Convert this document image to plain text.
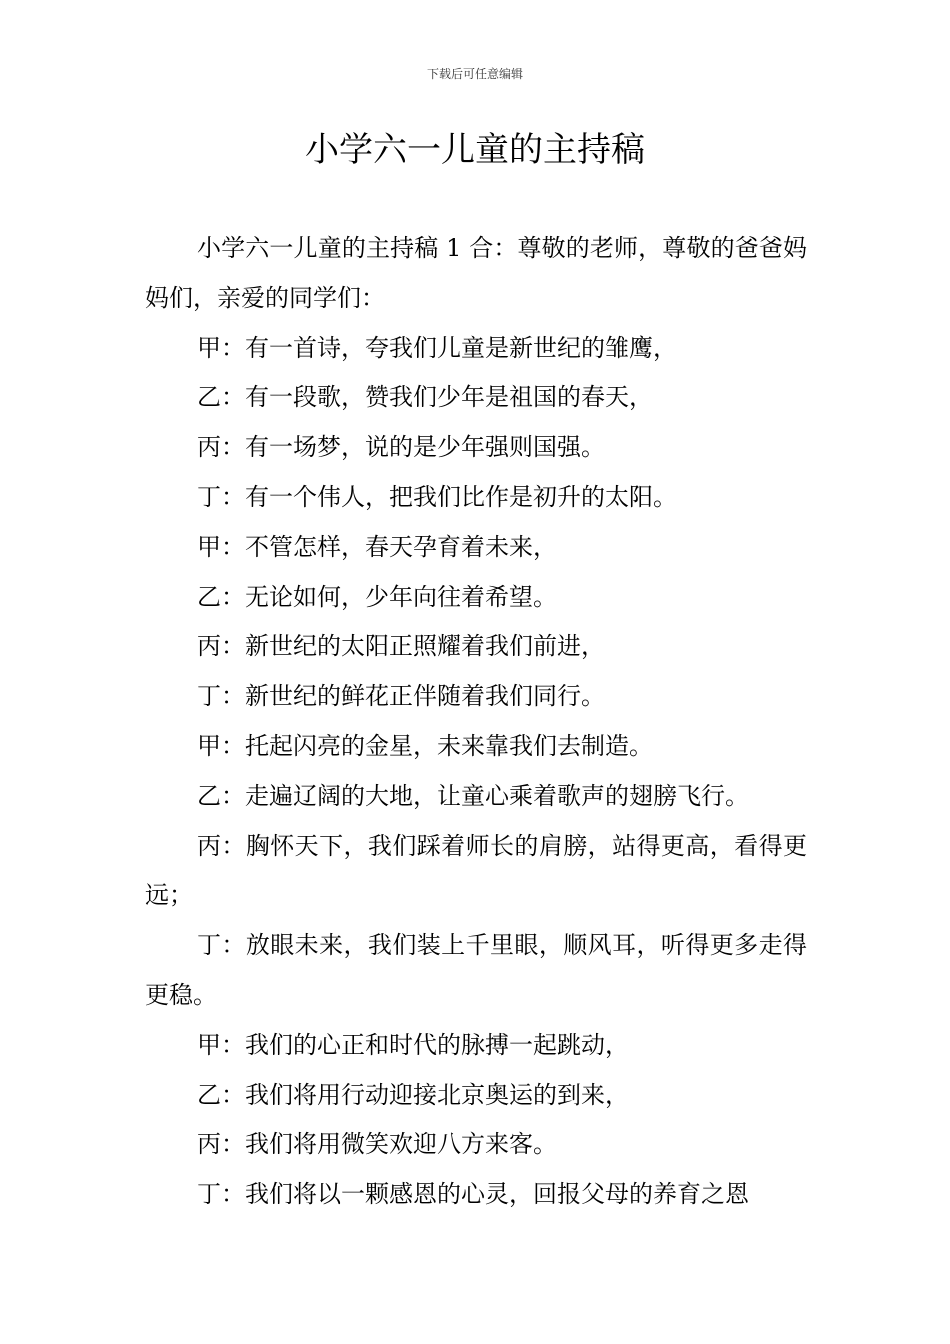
下载后可任意编辑
小学六一儿童的主持稿

小学六一儿童的主持稿 1 合：尊敬的老师，尊敬的爸爸妈妈们，亲爱的同学们：

甲：有一首诗，夸我们儿童是新世纪的雏鹰，

乙：有一段歌，赞我们少年是祖国的春天，

丙：有一场梦，说的是少年强则国强。

丁：有一个伟人，把我们比作是初升的太阳。

甲：不管怎样，春天孕育着未来，

乙：无论如何，少年向往着希望。

丙：新世纪的太阳正照耀着我们前进，

丁：新世纪的鲜花正伴随着我们同行。

甲：托起闪亮的金星，未来靠我们去制造。

乙：走遍辽阔的大地，让童心乘着歌声的翅膀飞行。

丙：胸怀天下，我们踩着师长的肩膀，站得更高，看得更远；

丁：放眼未来，我们装上千里眼，顺风耳，听得更多走得更稳。

甲：我们的心正和时代的脉搏一起跳动，

乙：我们将用行动迎接北京奥运的到来，

丙：我们将用微笑欢迎八方来客。

丁：我们将以一颗感恩的心灵，回报父母的养育之恩
